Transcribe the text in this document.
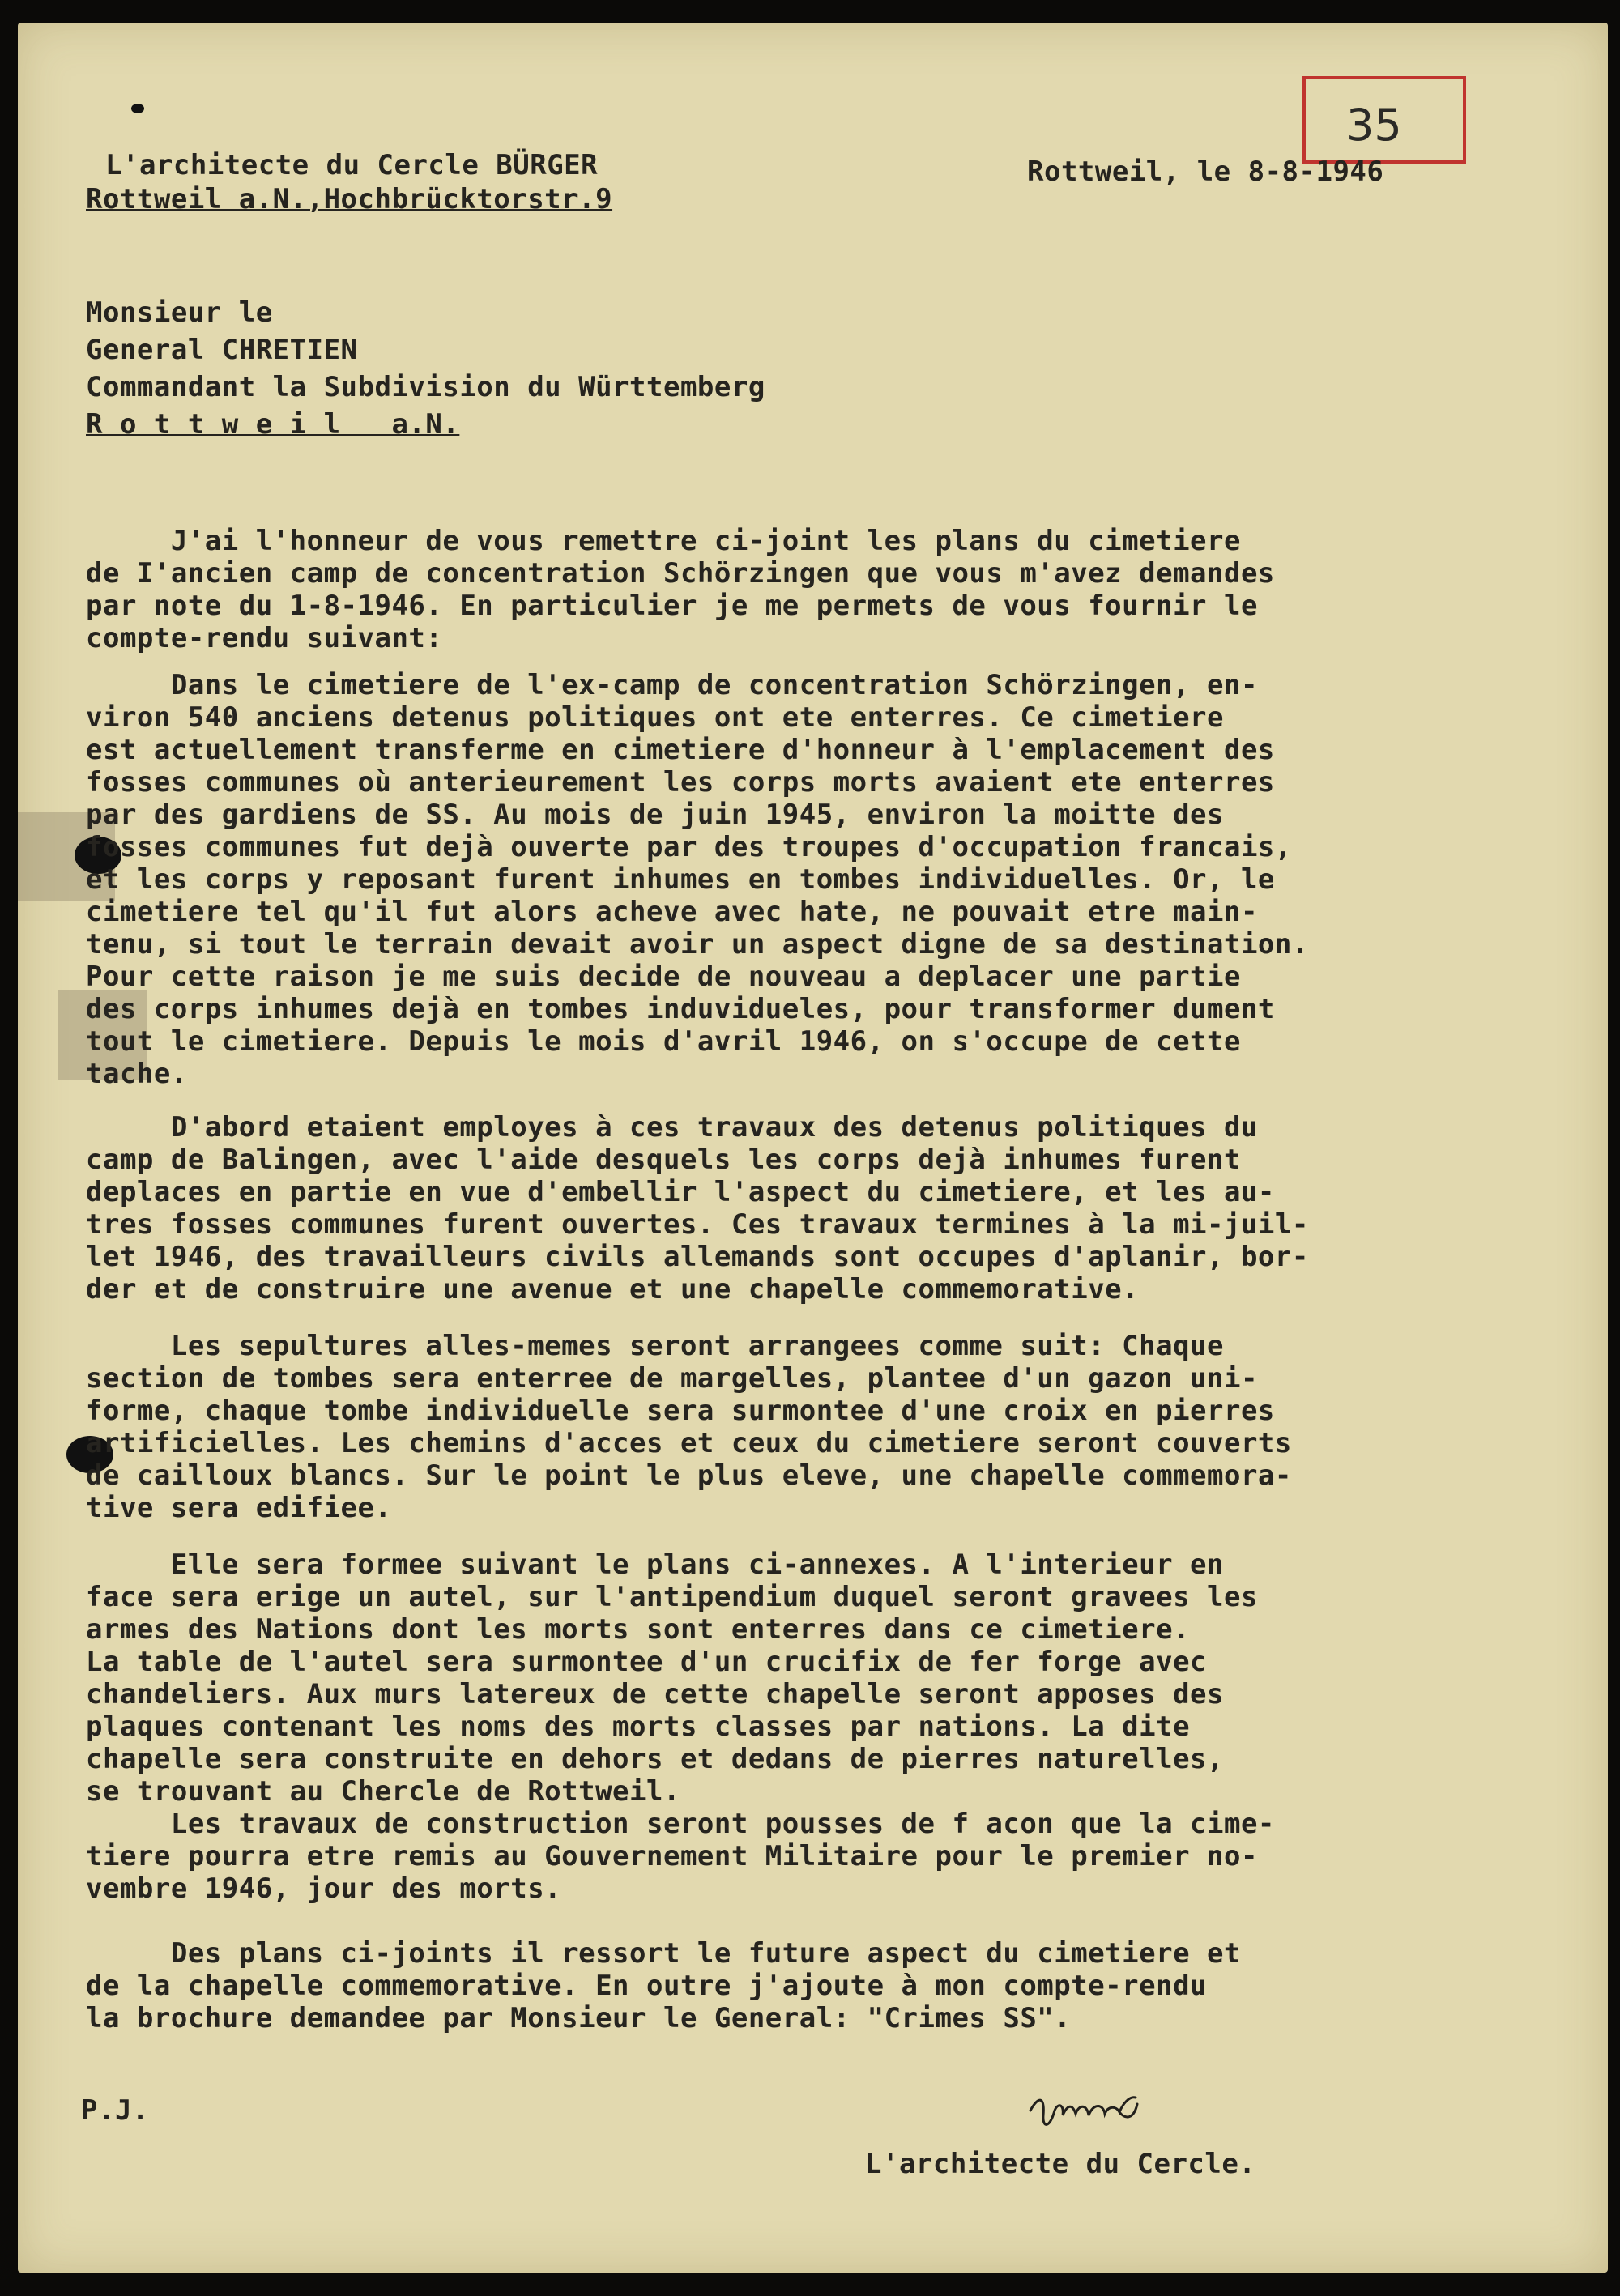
35

L'architecte du Cercle BÜRGER

Rottweil a.N.,Hochbrücktorstr.9

Rottweil, le 8-8-1946

Monsieur le

General CHRETIEN

Commandant la Subdivision du Württemberg

R o t t w e i l   a.N.

J'ai l'honneur de vous remettre ci-joint les plans du cimetiere
de I'ancien camp de concentration Schörzingen que vous m'avez demandes
par note du 1-8-1946. En particulier je me permets de vous fournir le
compte-rendu suivant:

Dans le cimetiere de l'ex-camp de concentration Schörzingen, en-
viron 540 anciens detenus politiques ont ete enterres. Ce cimetiere
est actuellement transferme en cimetiere d'honneur à l'emplacement des
fosses communes où anterieurement les corps morts avaient ete enterres
par des gardiens de SS. Au mois de juin 1945, environ la moitte des
fosses communes fut dejà ouverte par des troupes d'occupation francais,
et les corps y reposant furent inhumes en tombes individuelles. Or, le
cimetiere tel qu'il fut alors acheve avec hate, ne pouvait etre main-
tenu, si tout le terrain devait avoir un aspect digne de sa destination.
Pour cette raison je me suis decide de nouveau a deplacer une partie
des corps inhumes dejà en tombes induvidueles, pour transformer dument
tout le cimetiere. Depuis le mois d'avril 1946, on s'occupe de cette
tache.

D'abord etaient employes à ces travaux des detenus politiques du
camp de Balingen, avec l'aide desquels les corps dejà inhumes furent
deplaces en partie en vue d'embellir l'aspect du cimetiere, et les au-
tres fosses communes furent ouvertes. Ces travaux termines à la mi-juil-
let 1946, des travailleurs civils allemands sont occupes d'aplanir, bor-
der et de construire une avenue et une chapelle commemorative.

Les sepultures alles-memes seront arrangees comme suit: Chaque
section de tombes sera enterree de margelles, plantee d'un gazon uni-
forme, chaque tombe individuelle sera surmontee d'une croix en pierres
artificielles. Les chemins d'acces et ceux du cimetiere seront couverts
de cailloux blancs. Sur le point le plus eleve, une chapelle commemora-
tive sera edifiee.

Elle sera formee suivant le plans ci-annexes. A l'interieur en
face sera erige un autel, sur l'antipendium duquel seront gravees les
armes des Nations dont les morts sont enterres dans ce cimetiere.
La table de l'autel sera surmontee d'un crucifix de fer forge avec
chandeliers. Aux murs latereux de cette chapelle seront apposes des
plaques contenant les noms des morts classes par nations. La dite
chapelle sera construite en dehors et dedans de pierres naturelles,
se trouvant au Chercle de Rottweil.

Les travaux de construction seront pousses de f acon que la cime-
tiere pourra etre remis au Gouvernement Militaire pour le premier no-
vembre 1946, jour des morts.

Des plans ci-joints il ressort le future aspect du cimetiere et
de la chapelle commemorative. En outre j'ajoute à mon compte-rendu
la brochure demandee par Monsieur le General: "Crimes SS".

P.J.

L'architecte du Cercle.
